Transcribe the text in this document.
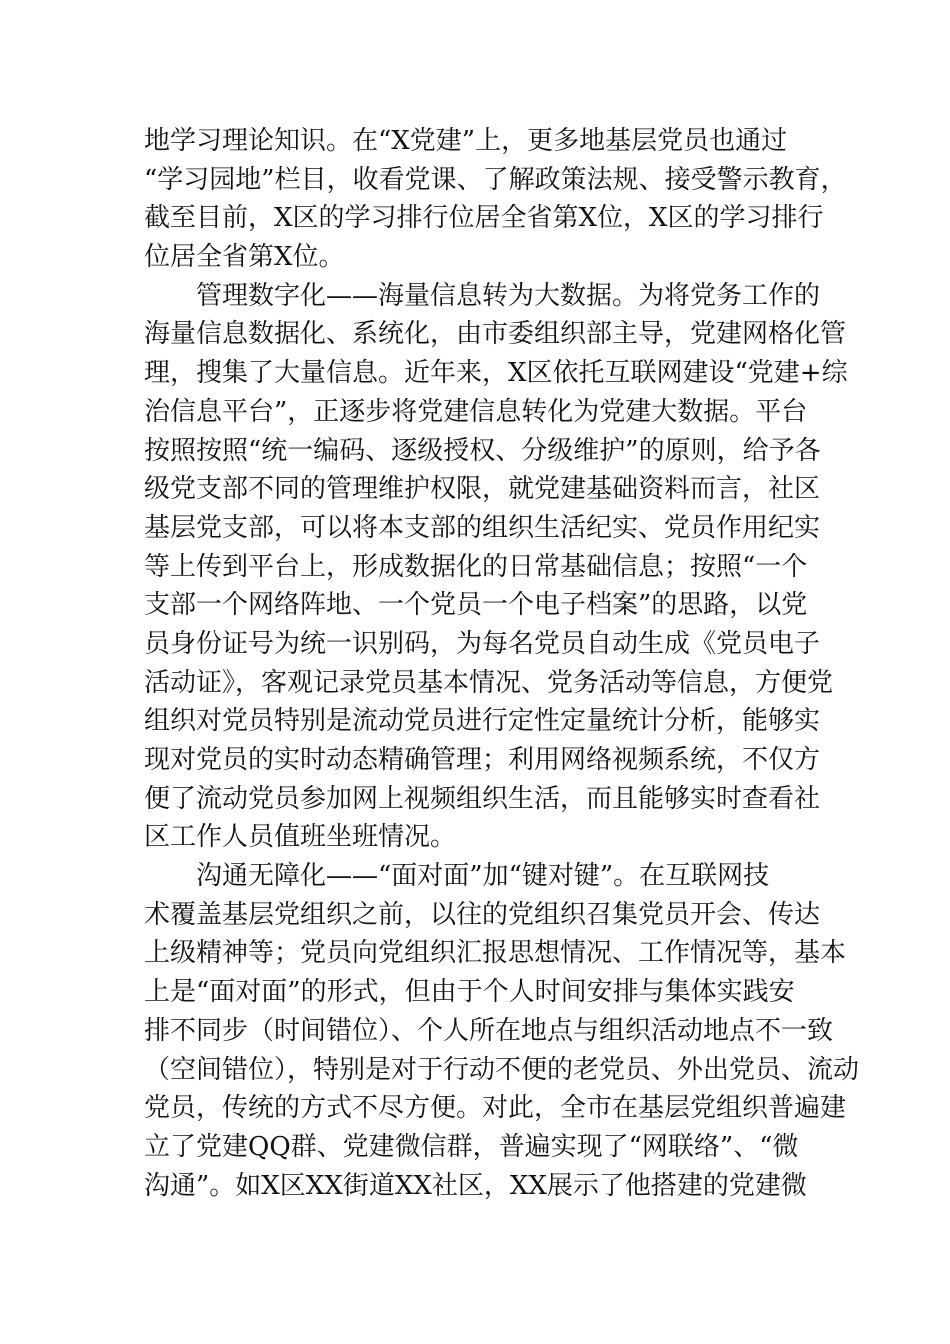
地学习理论知识。在“X党建”上，更多地基层党员也通过
“学习园地”栏目，收看党课、了解政策法规、接受警示教育，
截至目前，X区的学习排行位居全省第X位，X区的学习排行
位居全省第X位。
管理数字化——海量信息转为大数据。为将党务工作的
海量信息数据化、系统化，由市委组织部主导，党建网格化管
理，搜集了大量信息。近年来，X区依托互联网建设“党建+综
治信息平台”，正逐步将党建信息转化为党建大数据。平台
按照按照“统一编码、逐级授权、分级维护”的原则，给予各
级党支部不同的管理维护权限，就党建基础资料而言，社区
基层党支部，可以将本支部的组织生活纪实、党员作用纪实
等上传到平台上，形成数据化的日常基础信息；按照“一个
支部一个网络阵地、一个党员一个电子档案”的思路，以党
员身份证号为统一识别码，为每名党员自动生成《党员电子
活动证》，客观记录党员基本情况、党务活动等信息，方便党
组织对党员特别是流动党员进行定性定量统计分析，能够实
现对党员的实时动态精确管理；利用网络视频系统，不仅方
便了流动党员参加网上视频组织生活，而且能够实时查看社
区工作人员值班坐班情况。
沟通无障化——“面对面”加“键对键”。在互联网技
术覆盖基层党组织之前，以往的党组织召集党员开会、传达
上级精神等；党员向党组织汇报思想情况、工作情况等，基本
上是“面对面”的形式，但由于个人时间安排与集体实践安
排不同步（时间错位）、个人所在地点与组织活动地点不一致
（空间错位），特别是对于行动不便的老党员、外出党员、流动
党员，传统的方式不尽方便。对此，全市在基层党组织普遍建
立了党建QQ群、党建微信群，普遍实现了“网联络”、“微
沟通”。如X区XX街道XX社区，XX展示了他搭建的党建微
